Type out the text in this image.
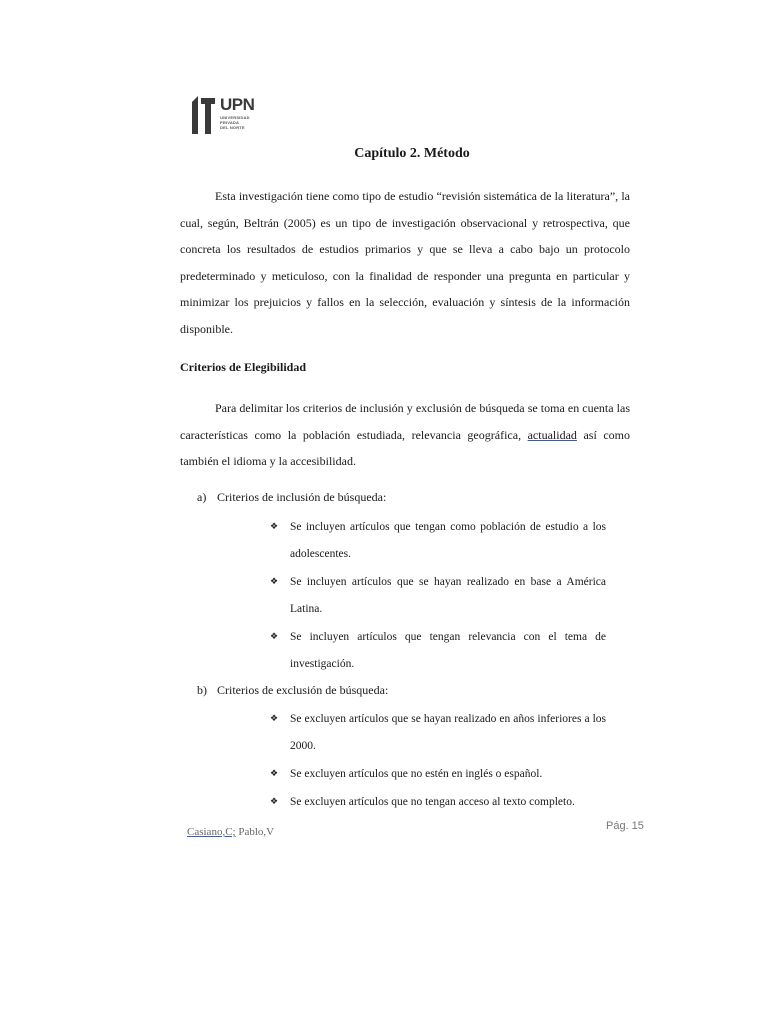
UPN
UNIVERSIDAD
PRIVADA
DEL NORTE
Capítulo 2. Método
Esta investigación tiene como tipo de estudio “revisión sistemática de la literatura”, la cual, según, Beltrán (2005) es un tipo de investigación observacional y retrospectiva, que concreta los resultados de estudios primarios y que se lleva a cabo bajo un protocolo predeterminado y meticuloso, con la finalidad de responder una pregunta en particular y minimizar los prejuicios y fallos en la selección, evaluación y síntesis de la información disponible.
Criterios de Elegibilidad
Para delimitar los criterios de inclusión y exclusión de búsqueda se toma en cuenta las características como la población estudiada, relevancia geográfica, actualidad así como también el idioma y la accesibilidad.
a) Criterios de inclusión de búsqueda:
❖	Se incluyen artículos que tengan como población de estudio a los adolescentes.
❖	Se incluyen artículos que se hayan realizado en base a América Latina.
❖	Se incluyen artículos que tengan relevancia con el tema de investigación.
b) Criterios de exclusión de búsqueda:
❖	Se excluyen artículos que se hayan realizado en años inferiores a los 2000.
❖	Se excluyen artículos que no estén en inglés o español.
❖	Se excluyen artículos que no tengan acceso al texto completo.
Casiano,C; Pablo,V	Pág. 15
